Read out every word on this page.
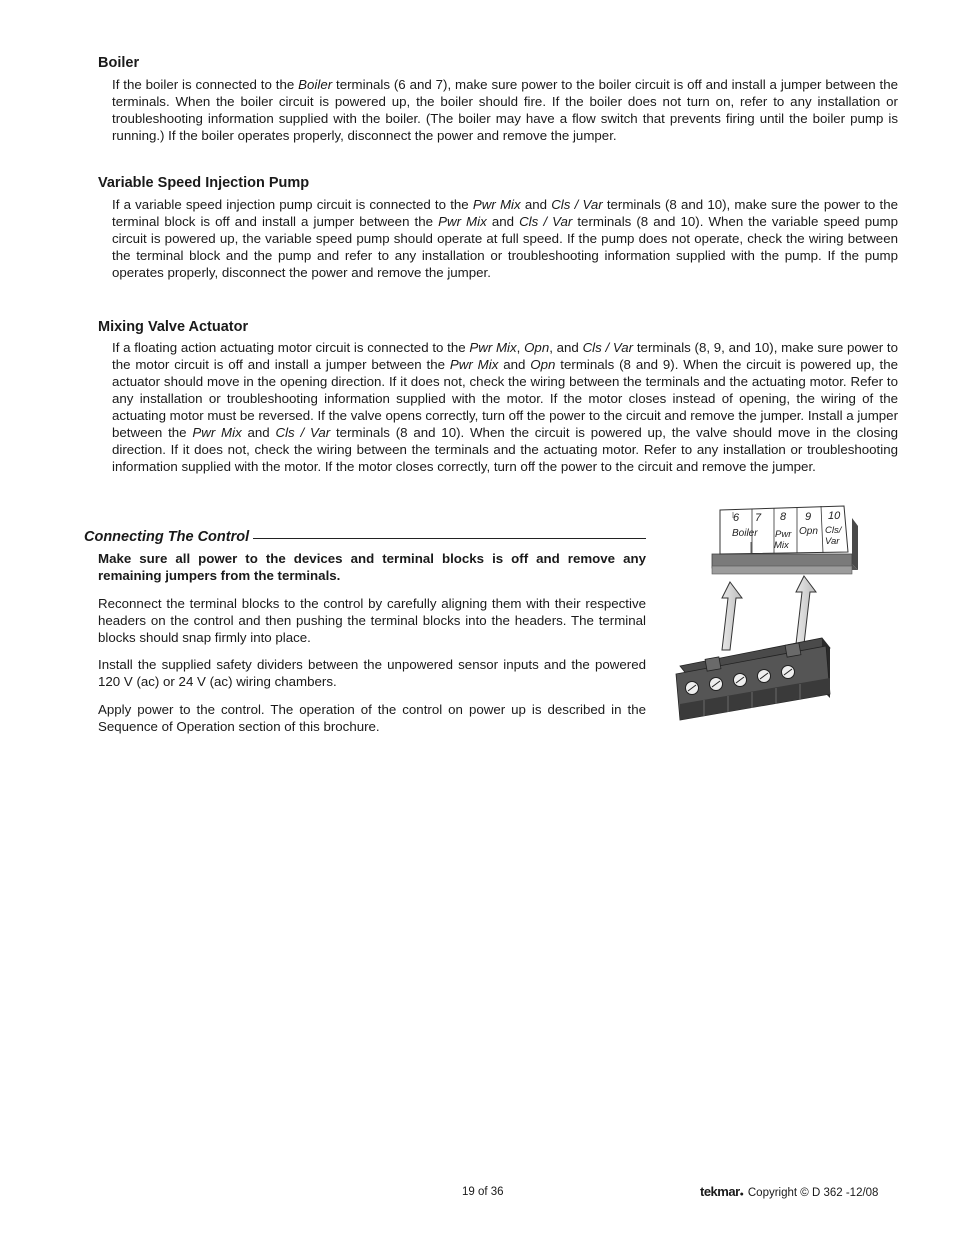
Boiler
If the boiler is connected to the Boiler terminals (6 and 7), make sure power to the boiler circuit is off and install a jumper between the terminals. When the boiler circuit is powered up, the boiler should fire. If the boiler does not turn on, refer to any installation or troubleshooting information supplied with the boiler. (The boiler may have a flow switch that prevents firing until the boiler pump is running.) If the boiler operates properly, disconnect the power and remove the jumper.
Variable Speed Injection Pump
If a variable speed injection pump circuit is connected to the Pwr Mix and Cls / Var terminals (8 and 10), make sure the power to the terminal block is off and install a jumper between the Pwr Mix and Cls / Var terminals (8 and 10). When the variable speed pump circuit is powered up, the variable speed pump should operate at full speed. If the pump does not operate, check the wiring between the terminal block and the pump and refer to any installation or troubleshooting information supplied with the pump. If the pump operates properly, disconnect the power and remove the jumper.
Mixing Valve Actuator
If a floating action actuating motor circuit is connected to the Pwr Mix, Opn, and Cls / Var terminals (8, 9, and 10), make sure power to the motor circuit is off and install a jumper between the Pwr Mix and Opn terminals (8 and 9). When the circuit is powered up, the actuator should move in the opening direction. If it does not, check the wiring between the terminals and the actuating motor. Refer to any installation or troubleshooting information supplied with the motor. If the motor closes instead of opening, the wiring of the actuating motor must be reversed. If the valve opens correctly, turn off the power to the circuit and remove the jumper. Install a jumper between the Pwr Mix and Cls / Var terminals (8 and 10). When the circuit is powered up, the valve should move in the closing direction. If it does not, check the wiring between the terminals and the actuating motor. Refer to any installation or troubleshooting information supplied with the motor. If the motor closes correctly, turn off the power to the circuit and remove the jumper.
Connecting The Control
Make sure all power to the devices and terminal blocks is off and remove any remaining jumpers from the terminals.
Reconnect the terminal blocks to the control by carefully aligning them with their respective headers on the control and then pushing the terminal blocks into the headers. The terminal blocks should snap firmly into place.
Install the supplied safety dividers between the unpowered sensor inputs and the powered 120 V (ac) or 24 V (ac) wiring chambers.
Apply power to the control. The operation of the control on power up is described in the Sequence of Operation section of this brochure.
6 7 8 9 10
Boiler Pwr
Mix
Opn Cls/
Var
19 of 36	tekmar ● Copyright © D 362 -12/08
